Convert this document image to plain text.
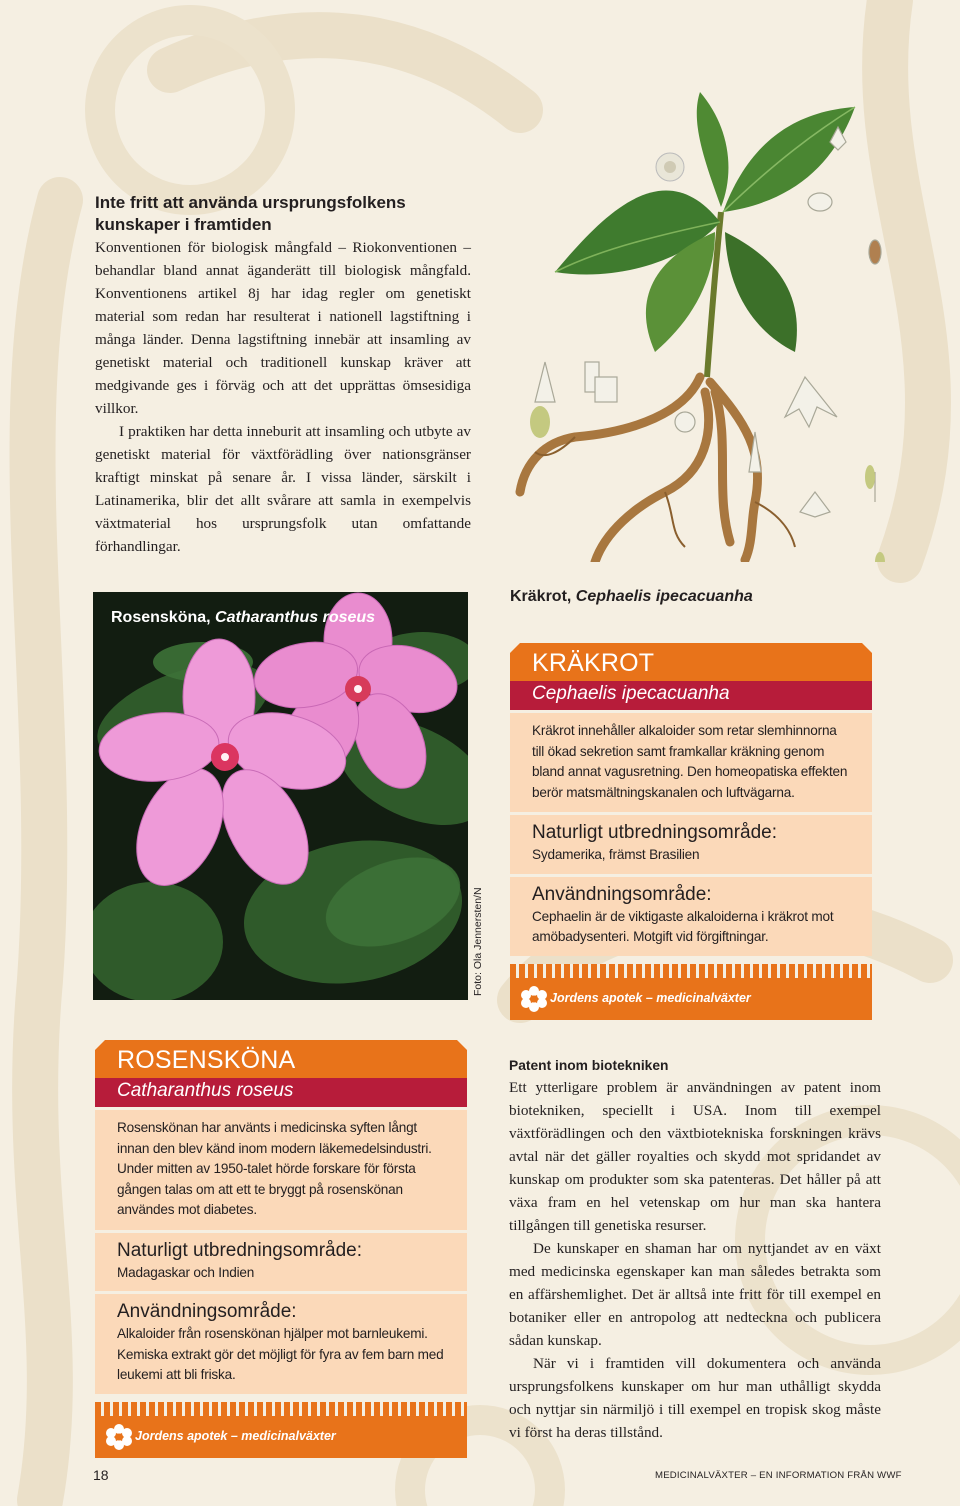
Inte fritt att använda ursprungsfolkens kunskaper i framtiden

Konventionen för biologisk mångfald – Riokonventionen – behandlar bland annat äganderätt till biologisk mångfald. Konventionens artikel 8j har idag regler om genetiskt material som redan har resulterat i nationell lagstiftning i många länder. Denna lagstiftning innebär att insamling av genetiskt material och traditionell kunskap kräver att medgivande ges i förväg och att det upprättas ömsesidiga villkor.

I praktiken har detta inneburit att insamling och utbyte av genetiskt material för växtförädling över nationsgränser kraftigt minskat på senare år. I vissa länder, särskilt i Latinamerika, blir det allt svårare att samla in exempelvis växtmaterial hos ursprungsfolk utan omfattande förhandlingar.

Rosensköna, Catharanthus roseus
Foto: Ola Jennersten/N
Kräkrot, Cephaelis ipecacuanha
KRÄKROT
Cephaelis ipecacuanha
Kräkrot innehåller alkaloider som retar slemhinnorna till ökad sekretion samt framkallar kräkning genom bland annat vagusretning. Den homeopatiska effekten berör matsmältningskanalen och luftvägarna.
Naturligt utbredningsområde:
Sydamerika, främst Brasilien
Användningsområde:
Cephaelin är de viktigaste alkaloiderna i kräkrot mot amöbadysenteri. Motgift vid förgiftningar.
Jordens apotek – medicinalväxter
ROSENSKÖNA
Catharanthus roseus
Rosenskönan har använts i medicinska syften långt innan den blev känd inom modern läkemedelsindustri. Under mitten av 1950-talet hörde forskare för första gången talas om att ett te bryggt på rosenskönan användes mot diabetes.
Naturligt utbredningsområde:
Madagaskar och Indien
Användningsområde:
Alkaloider från rosenskönan hjälper mot barnleukemi. Kemiska extrakt gör det möjligt för fyra av fem barn med leukemi att bli friska.
Jordens apotek – medicinalväxter
Patent inom biotekniken

Ett ytterligare problem är användningen av patent inom biotekniken, speciellt i USA. Inom till exempel växtförädlingen och den växtbiotekniska forskningen krävs avtal när det gäller royalties och skydd mot spridandet av kunskap om produkter som ska patenteras. Det håller på att växa fram en hel vetenskap om hur man ska hantera tillgången till genetiska resurser.

De kunskaper en shaman har om nyttjandet av en växt med medicinska egenskaper kan man således betrakta som en affärshemlighet. Det är alltså inte fritt för till exempel en botaniker eller en antropolog att nedteckna och publicera sådan kunskap.

När vi i framtiden vill dokumentera och använda ursprungsfolkens kunskaper om hur man uthålligt skydda och nyttjar sin närmiljö i till exempel en tropisk skog måste vi först ha deras tillstånd.

18	MEDICINALVÄXTER – EN INFORMATION FRÅN WWF
